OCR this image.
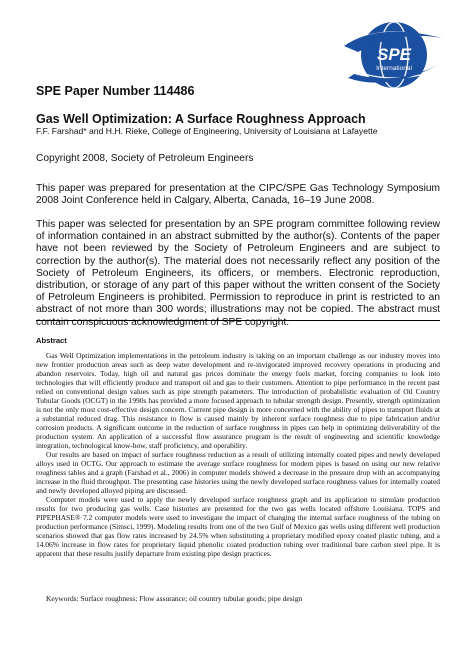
SPE
International
SPE Paper Number 114486
Gas Well Optimization: A Surface Roughness Approach
F.F. Farshad* and H.H. Rieke, College of Engineering, University of Louisiana at Lafayette
Copyright 2008, Society of Petroleum Engineers
This paper was prepared for presentation at the CIPC/SPE Gas Technology Symposium 2008 Joint Conference held in Calgary, Alberta, Canada, 16–19 June 2008.
This paper was selected for presentation by an SPE program committee following review of information contained in an abstract submitted by the author(s). Contents of the paper have not been reviewed by the Society of Petroleum Engineers and are subject to correction by the author(s). The material does not necessarily reflect any position of the Society of Petroleum Engineers, its officers, or members. Electronic reproduction, distribution, or storage of any part of this paper without the written consent of the Society of Petroleum Engineers is prohibited. Permission to reproduce in print is restricted to an abstract of not more than 300 words; illustrations may not be copied. The abstract must contain conspicuous acknowledgment of SPE copyright.
Abstract

Gas Well Optimization implementations in the petroleum industry is taking on an important challenge as our industry moves into new frontier production areas such as deep water development and re-invigorated improved recovery operations in producing and abandon reservoirs. Today, high oil and natural gas prices dominate the energy fuels market, forcing companies to look into technologies that will efficiently produce and transport oil and gas to their customers. Attention to pipe performance in the recent past relied on conventional design values such as pipe strength parameters. The introduction of probabilistic evaluation of Oil Country Tubular Goods (OCGT) in the 1990s has provided a more focused approach to tubular strength design. Presently, strength optimization is not the only most cost-effective design concern. Current pipe design is more concerned with the ability of pipes to transport fluids at a substantial reduced drag. This resistance to flow is caused mainly by inherent surface roughness due to pipe fabrication and/or corrosion products. A significant outcome in the reduction of surface roughness in pipes can help in optimizing deliverability of the production system. An application of a successful flow assurance program is the result of engineering and scientific knowledge integration, technological know-how, staff proficiency, and operability.

Our results are based on impact of surface roughness reduction as a result of utilizing internally coated pipes and newly developed alloys used in OCTG. Our approach to estimate the average surface roughness for modern pipes is based on using our new relative roughness tables and a graph (Farshad et al., 2006) in computer models showed a decrease in the pressure drop with an accompanying increase in the fluid throughput. The presenting case histories using the newly developed surface roughness values for internally coated and newly developed alloyed piping are discussed.

Computer models were used to apply the newly developed surface roughness graph and its application to simulate production results for two producing gas wells. Case histories are presented for the two gas wells located offshore Louisiana. TOPS and PIPEPHASE® 7.2 computer models were used to investigate the impact of changing the internal surface roughness of the tubing on production performance (Simsci, 1999). Modeling results from one of the two Gulf of Mexico gas wells using different well production scenarios showed that gas flow rates increased by 24.5% when substituting a proprietary modified epoxy coated plastic tubing, and a 14.06% increase in flow rates for proprietary liquid phenolic coated production tubing over traditional bare carbon steel pipe. It is apparent that these results justify departure from existing pipe design practices.

Keywords: Surface roughness; Flow assurance; oil country tubular goods; pipe design
